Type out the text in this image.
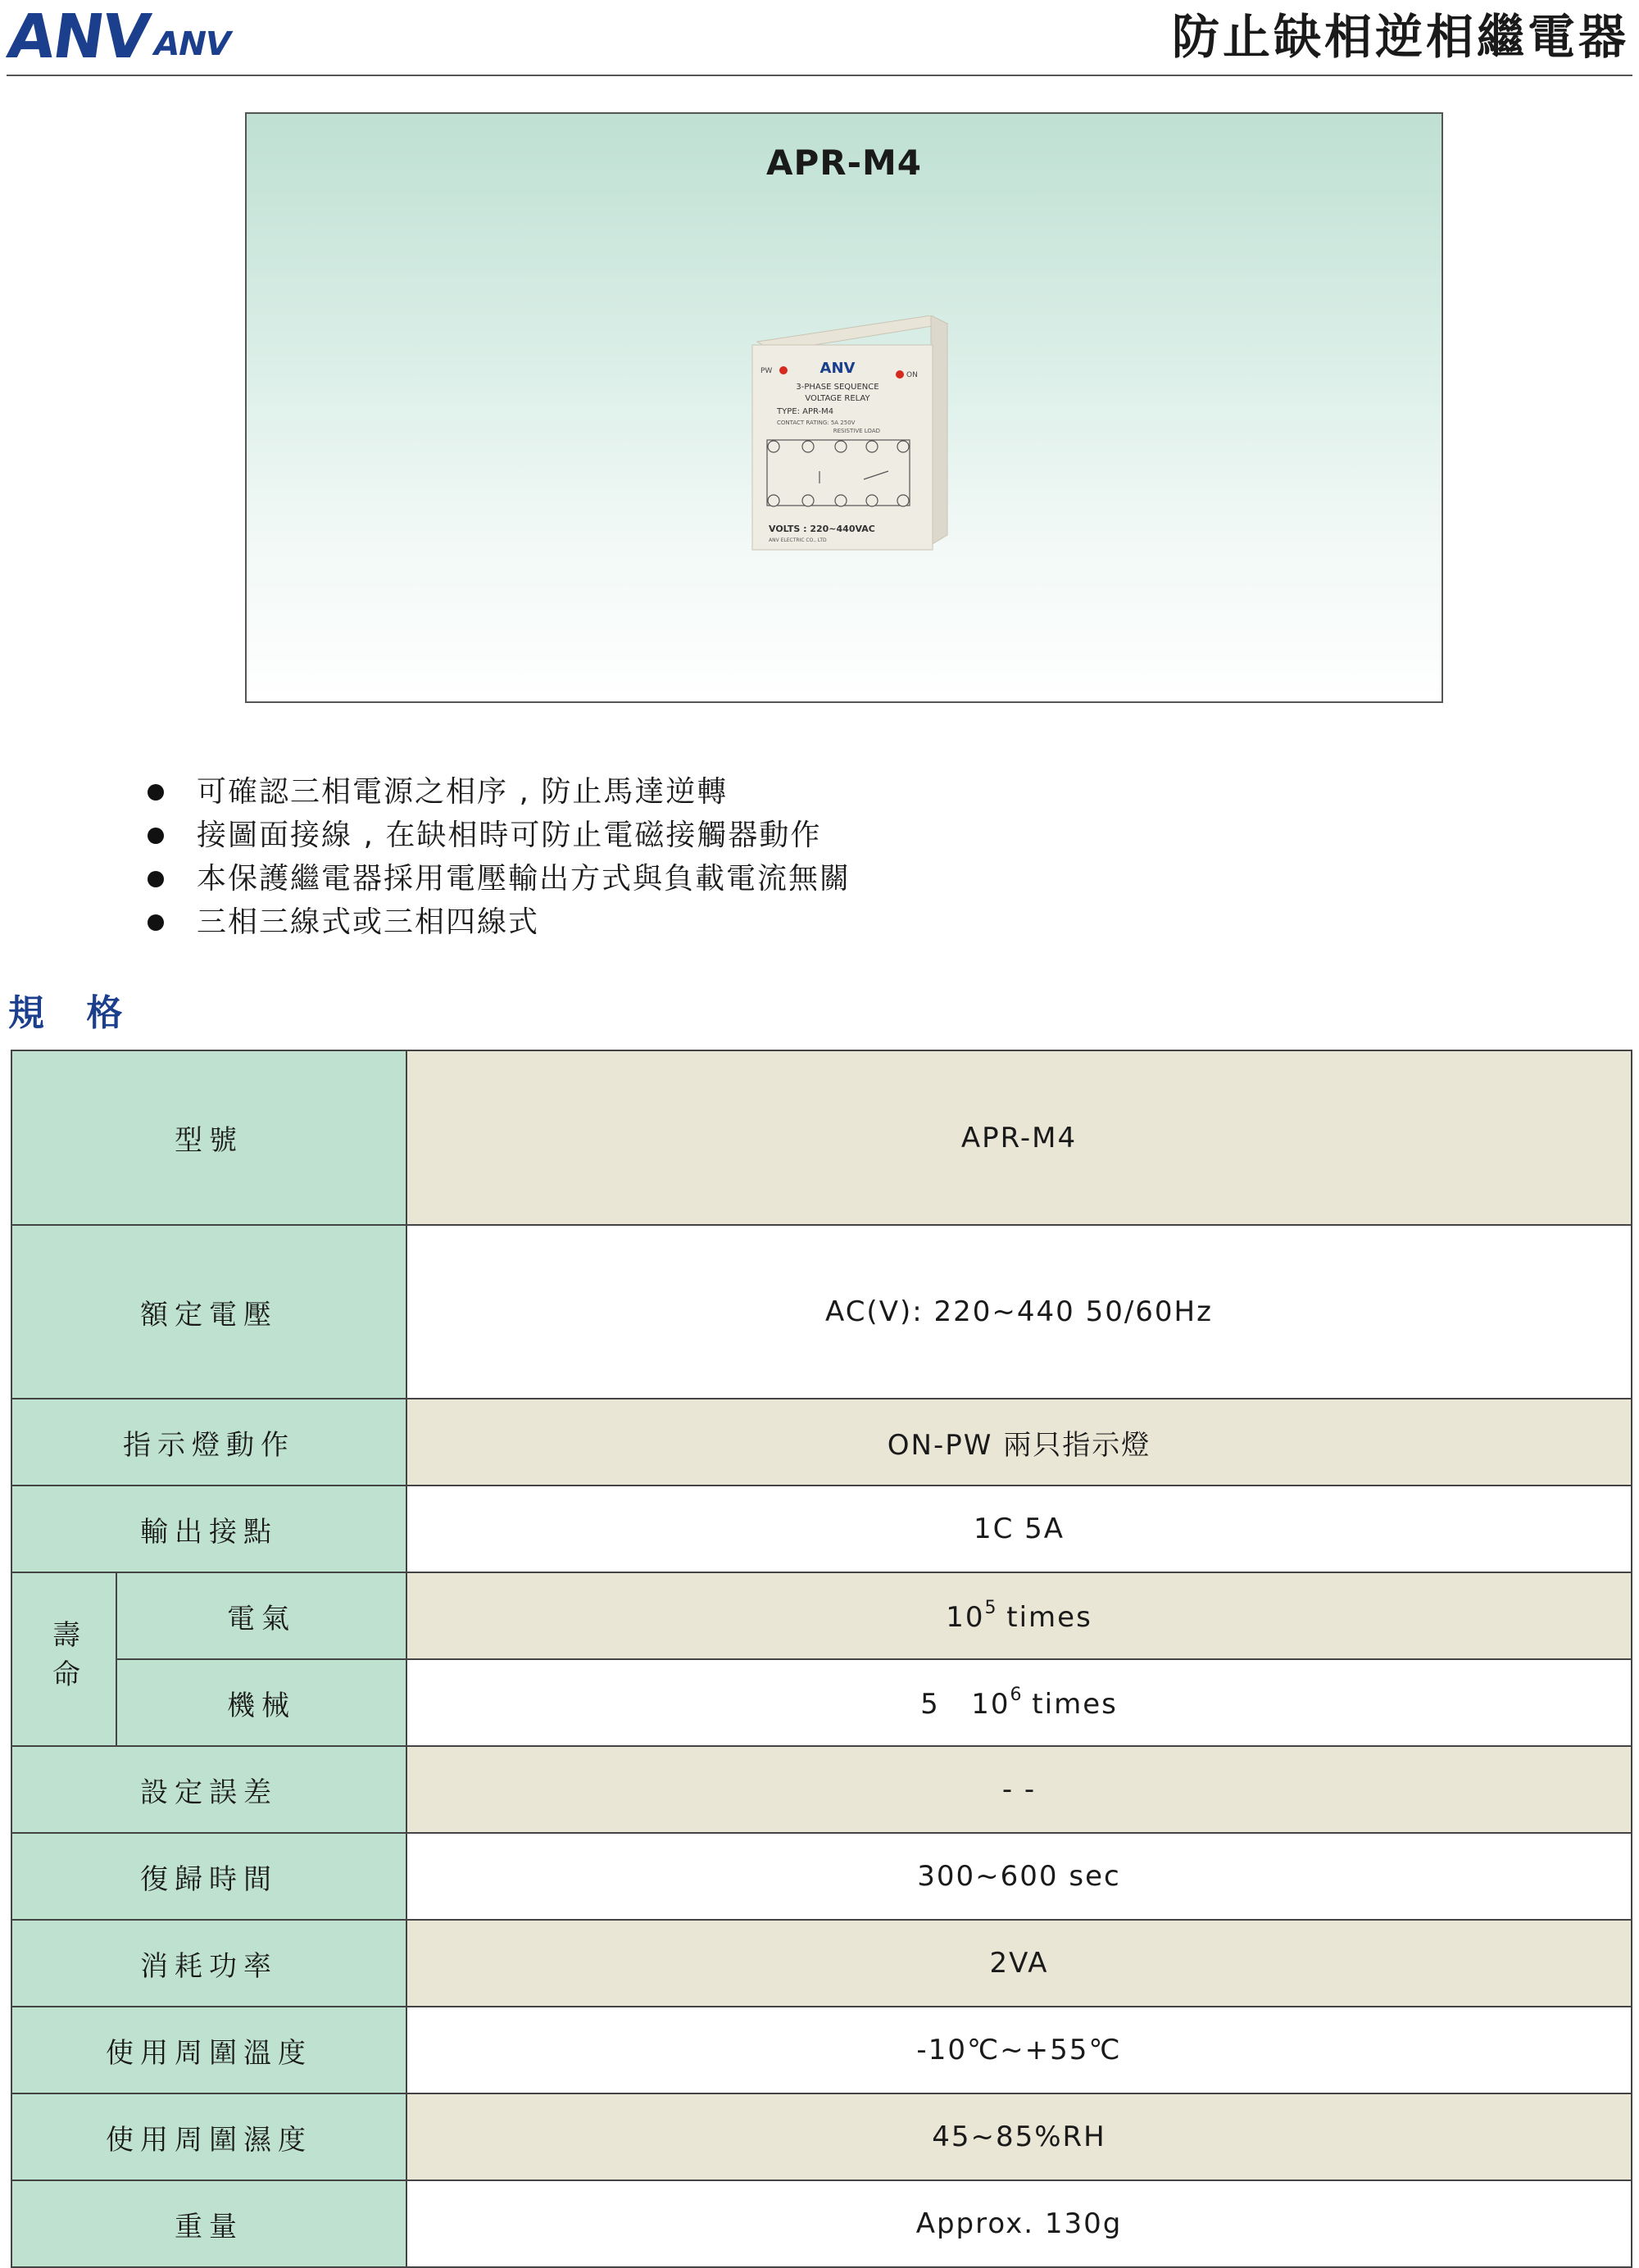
ANV
ANV	防止缺相逆相繼電器
APR-M4
PW	ON
ANV
3-PHASE SEQUENCE
VOLTAGE RELAY
TYPE: APR-M4
CONTACT RATING: 5A 250V
RESISTIVE LOAD
VOLTS : 220~440VAC
ANV ELECTRIC CO., LTD
可確認三相電源之相序 , 防止馬達逆轉
接圖面接線 , 在缺相時可防止電磁接觸器動作
本保護繼電器採用電壓輸出方式與負載電流無關
三相三線式或三相四線式
規 格
型號		APR-M4
額定電壓		AC(V): 220~440 50/60Hz
指示燈動作		ON-PW 兩只指示燈
輸出接點		1C 5A
壽命	電氣	$10^5$ times
	機械	5   $10^6$ times
設定誤差		- -
復歸時間		300~600 sec
消耗功率		2VA
使用周圍溫度		-10℃~+55℃
使用周圍濕度		45~85%RH
重量		Approx. 130g
